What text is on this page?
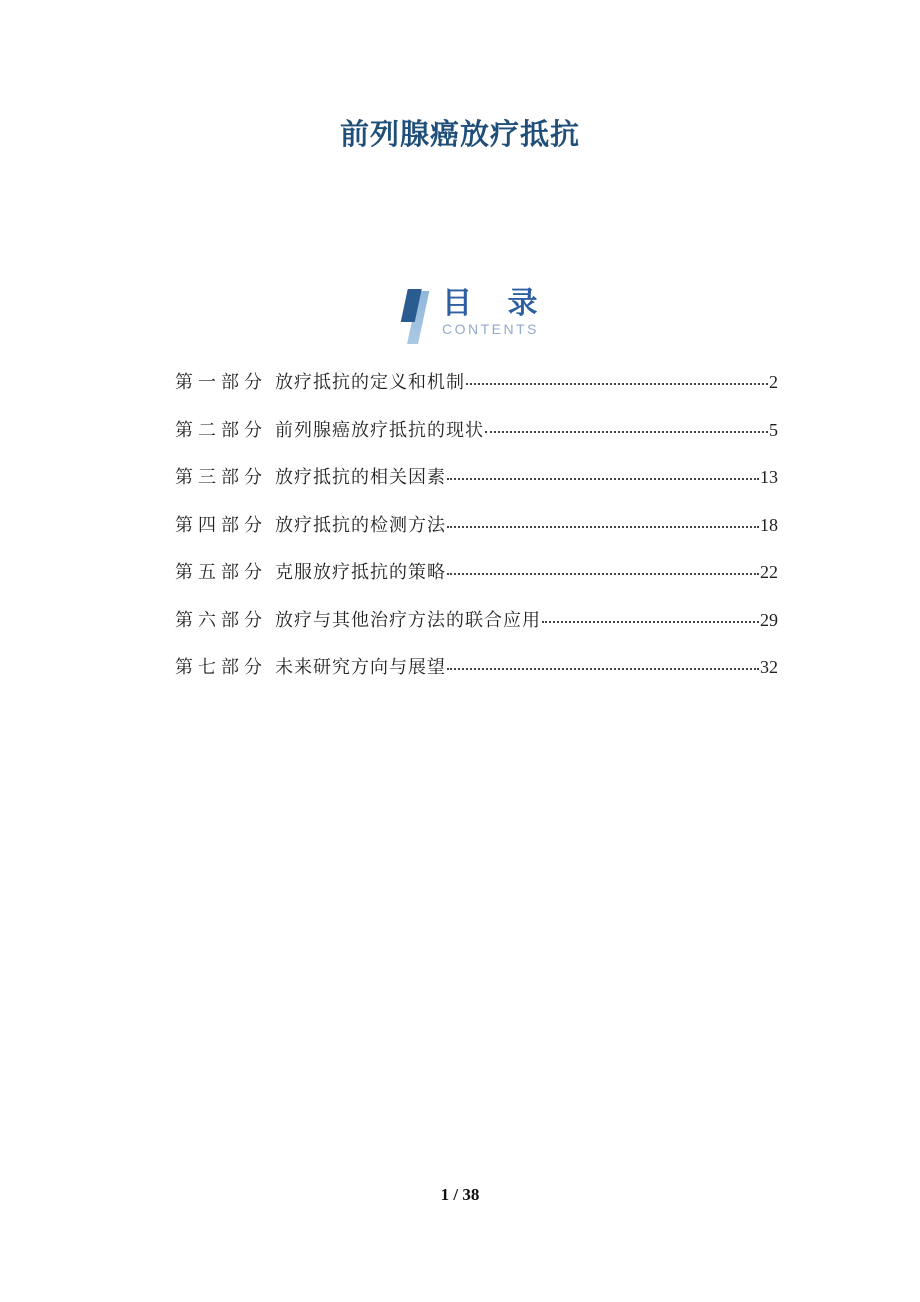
前列腺癌放疗抵抗
目 录
CONTENTS
第一部分 放疗抵抗的定义和机制	2
第二部分 前列腺癌放疗抵抗的现状	5
第三部分 放疗抵抗的相关因素	13
第四部分 放疗抵抗的检测方法	18
第五部分 克服放疗抵抗的策略	22
第六部分 放疗与其他治疗方法的联合应用	29
第七部分 未来研究方向与展望	32
1 / 38
